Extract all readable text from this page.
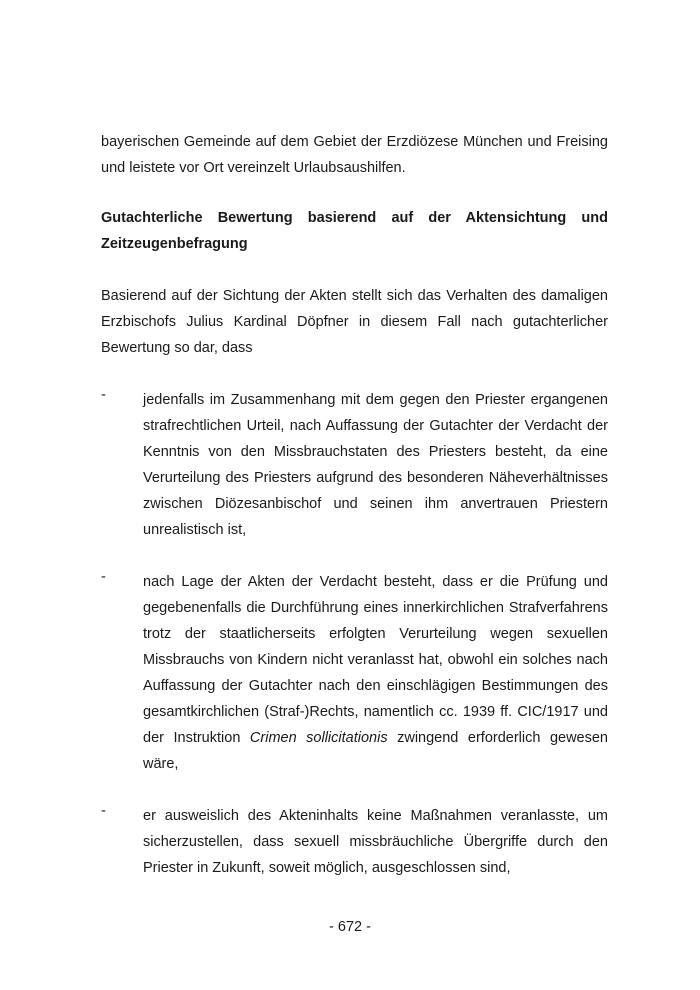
bayerischen Gemeinde auf dem Gebiet der Erzdiözese München und Freising und leistete vor Ort vereinzelt Urlaubsaushilfen.

Gutachterliche Bewertung basierend auf der Aktensichtung und Zeitzeugenbefragung

Basierend auf der Sichtung der Akten stellt sich das Verhalten des damaligen Erzbischofs Julius Kardinal Döpfner in diesem Fall nach gutachterlicher Bewertung so dar, dass

-	jedenfalls im Zusammenhang mit dem gegen den Priester ergangenen strafrechtlichen Urteil, nach Auffassung der Gutachter der Verdacht der Kenntnis von den Missbrauchstaten des Priesters besteht, da eine Verurteilung des Priesters aufgrund des besonderen Näheverhältnisses zwischen Diözesanbischof und seinen ihm anvertrauen Priestern unrealistisch ist,

-	nach Lage der Akten der Verdacht besteht, dass er die Prüfung und gegebenenfalls die Durchführung eines innerkirchlichen Strafverfahrens trotz der staatlicherseits erfolgten Verurteilung wegen sexuellen Missbrauchs von Kindern nicht veranlasst hat, obwohl ein solches nach Auffassung der Gutachter nach den einschlägigen Bestimmungen des gesamtkirchlichen (Straf-)Rechts, namentlich cc. 1939 ff. CIC/1917 und der Instruktion Crimen sollicitationis zwingend erforderlich gewesen wäre,

-	er ausweislich des Akteninhalts keine Maßnahmen veranlasste, um sicherzustellen, dass sexuell missbräuchliche Übergriffe durch den Priester in Zukunft, soweit möglich, ausgeschlossen sind,

- 672 -
